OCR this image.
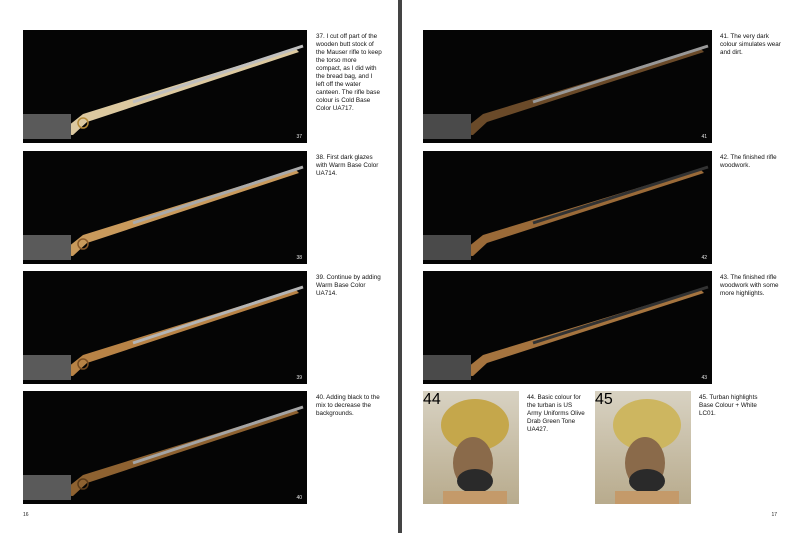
37
37. I cut off part of the wooden butt stock of the Mauser rifle to keep the torso more compact, as I did with the bread bag, and I left off the water canteen. The rifle base colour is Cold Base Color UA717.
38
38. First dark glazes with Warm Base Color UA714.
39
39. Continue by adding Warm Base Color UA714.
40
40. Adding black to the mix to decrease the backgrounds.
16
41
41. The very dark colour simulates wear and dirt.
42
42. The finished rifle woodwork.
43
43. The finished rifle woodwork with some more highlights.
44	44. Basic colour for the turban is US Army Uniforms Olive Drab Green Tone UA427.
45	45. Turban highlights Base Colour + White LC01.
17
